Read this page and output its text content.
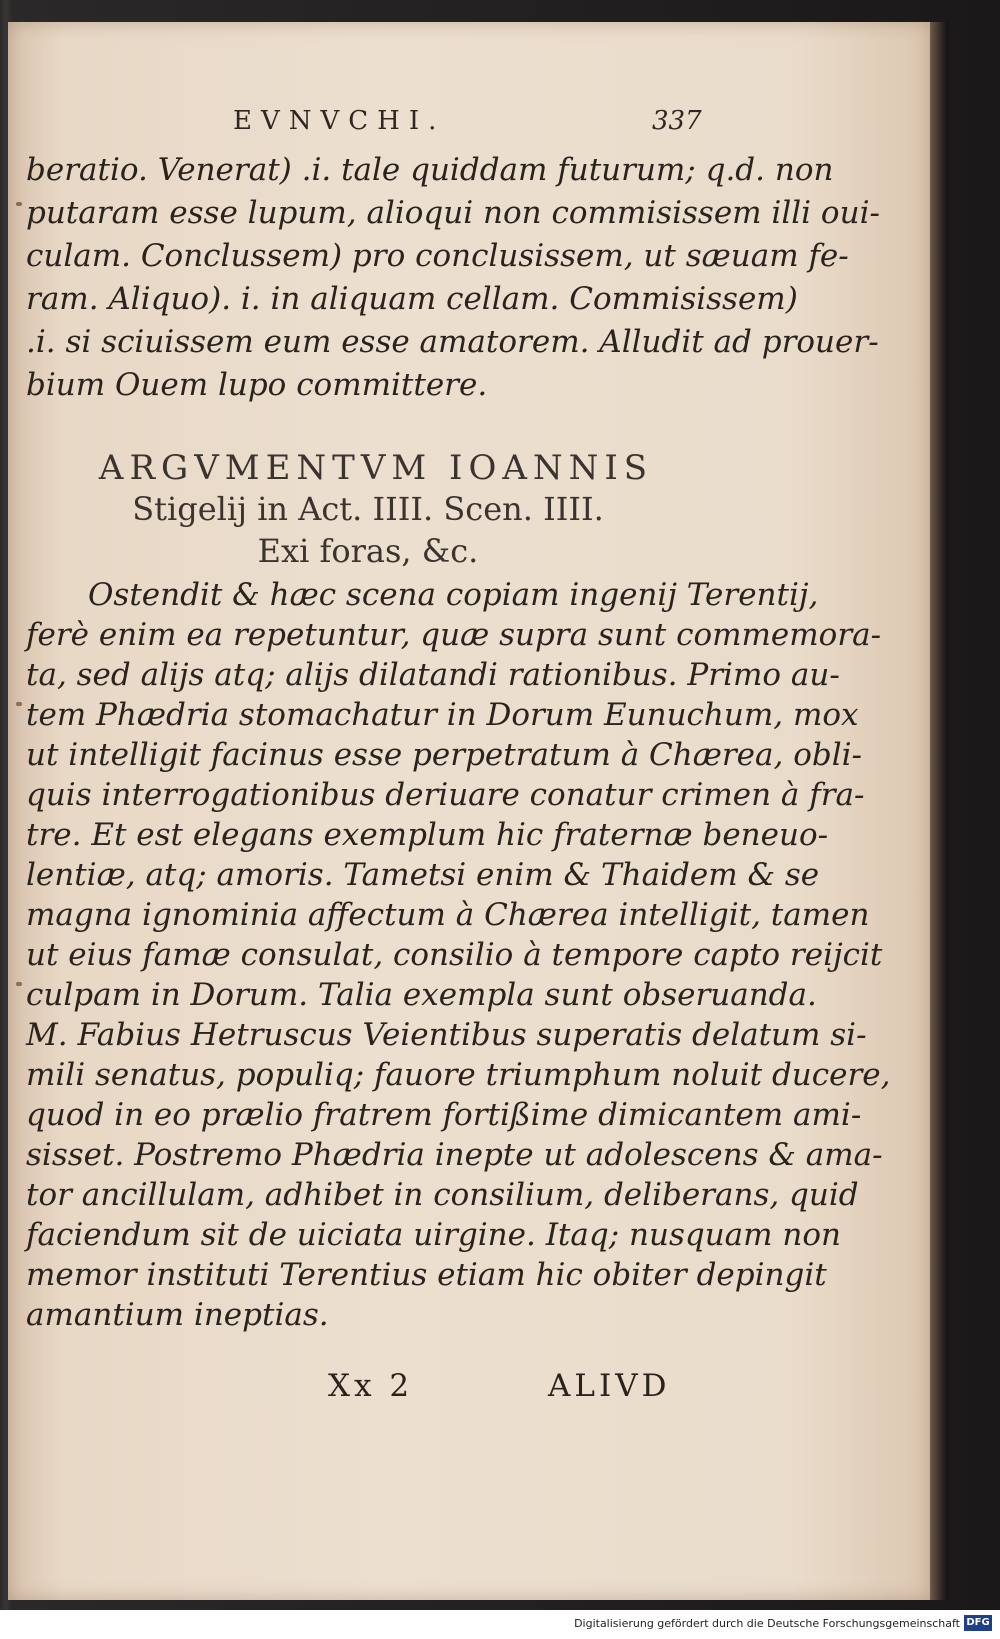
EVNVCHI.	337
beratio. Venerat) .i. tale quiddam futurum; q.d. non
putaram esse lupum, alioqui non commisissem illi oui-
culam. Conclussem) pro conclusissem, ut sæuam fe-
ram. Aliquo). i. in aliquam cellam. Commisissem)
.i. si sciuissem eum esse amatorem. Alludit ad prouer-
bium Ouem lupo committere.
ARGVMENTVM IOANNIS
Stigelij in Act. IIII. Scen. IIII.
Exi foras, &c.
Ostendit & hæc scena copiam ingenij Terentij,
ferè enim ea repetuntur, quæ supra sunt commemora-
ta, sed alijs atq; alijs dilatandi rationibus. Primo au-
tem Phædria stomachatur in Dorum Eunuchum, mox
ut intelligit facinus esse perpetratum à Chærea, obli-
quis interrogationibus deriuare conatur crimen à fra-
tre. Et est elegans exemplum hic fraternæ beneuo-
lentiæ, atq; amoris. Tametsi enim & Thaidem & se
magna ignominia affectum à Chærea intelligit, tamen
ut eius famæ consulat, consilio à tempore capto reijcit
culpam in Dorum. Talia exempla sunt obseruanda.
M. Fabius Hetruscus Veientibus superatis delatum si-
mili senatus, populiq; fauore triumphum noluit ducere,
quod in eo prælio fratrem fortißime dimicantem ami-
sisset. Postremo Phædria inepte ut adolescens & ama-
tor ancillulam, adhibet in consilium, deliberans, quid
faciendum sit de uiciata uirgine. Itaq; nusquam non
memor instituti Terentius etiam hic obiter depingit
amantium ineptias.
Xx 2	ALIVD
Digitalisierung gefördert durch die Deutsche Forschungsgemeinschaft DFG
